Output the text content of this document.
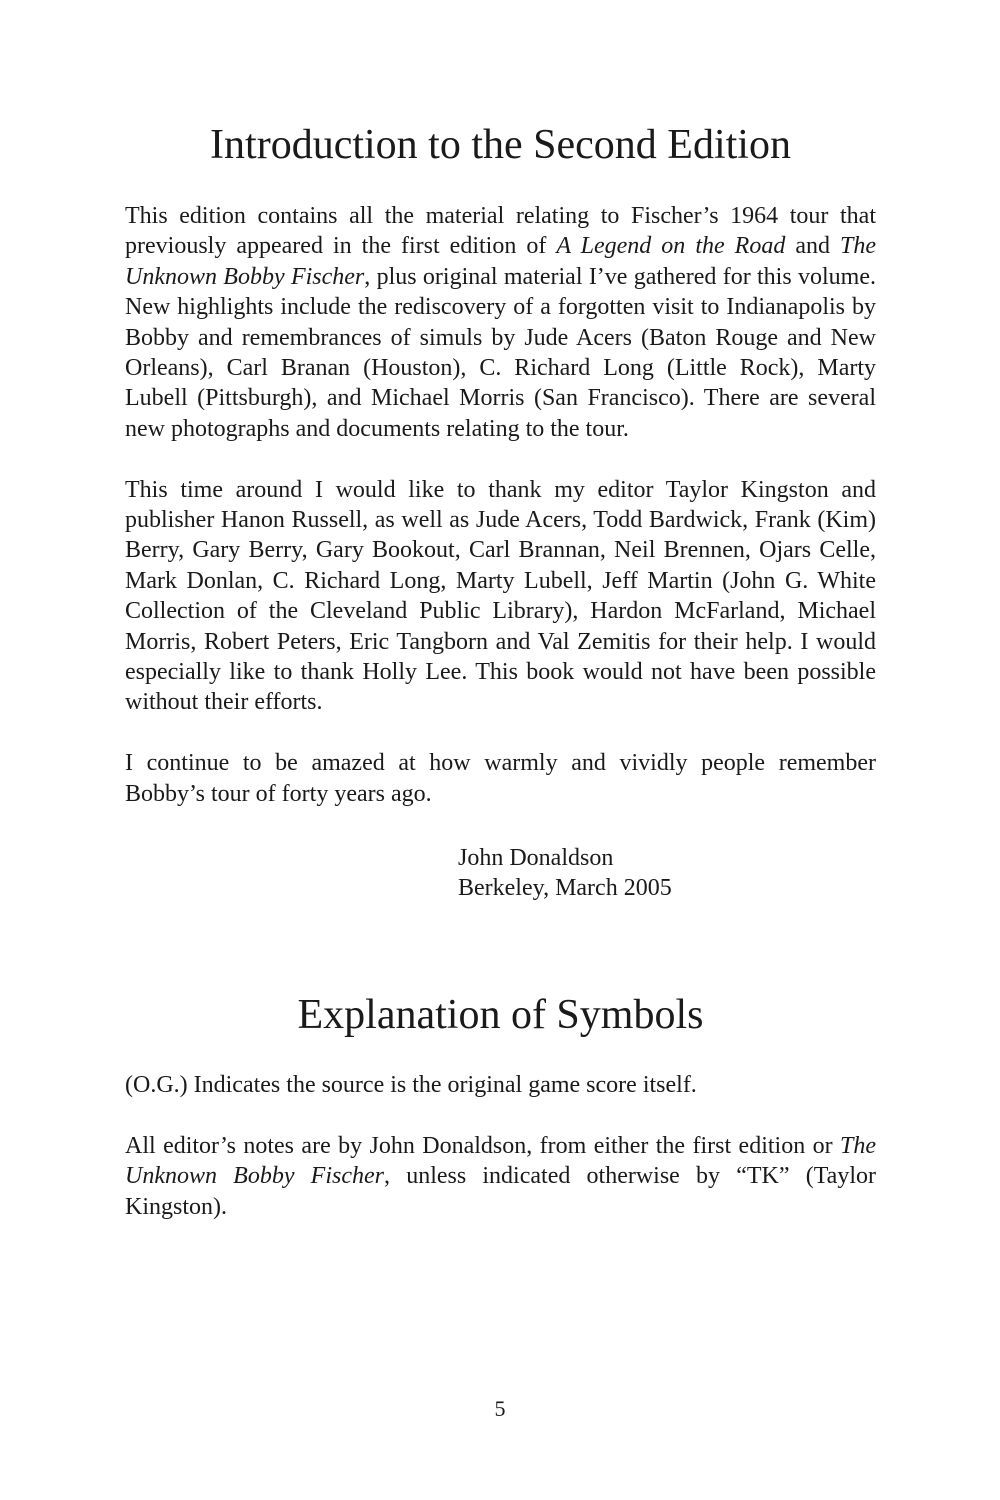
Introduction to the Second Edition

This edition contains all the material relating to Fischer’s 1964 tour that previously appeared in the first edition of A Legend on the Road and The Unknown Bobby Fischer, plus original material I’ve gathered for this volume. New highlights include the rediscovery of a forgotten visit to Indianapolis by Bobby and remembrances of simuls by Jude Acers (Baton Rouge and New Orleans), Carl Branan (Houston), C. Richard Long (Little Rock), Marty Lubell (Pittsburgh), and Michael Morris (San Francisco). There are several new photographs and documents relating to the tour.

This time around I would like to thank my editor Taylor Kingston and publisher Hanon Russell, as well as Jude Acers, Todd Bardwick, Frank (Kim) Berry, Gary Berry, Gary Bookout, Carl Brannan, Neil Brennen, Ojars Celle, Mark Donlan, C. Richard Long, Marty Lubell, Jeff Martin (John G. White Collection of the Cleveland Public Library), Hardon McFarland, Michael Morris, Robert Peters, Eric Tangborn and Val Zemitis for their help. I would especially like to thank Holly Lee. This book would not have been possible without their efforts.

I continue to be amazed at how warmly and vividly people remember Bobby’s tour of forty years ago.

John Donaldson
Berkeley, March 2005
Explanation of Symbols

(O.G.) Indicates the source is the original game score itself.

All editor’s notes are by John Donaldson, from either the first edition or The Unknown Bobby Fischer, unless indicated otherwise by “TK” (Taylor Kingston).

5
